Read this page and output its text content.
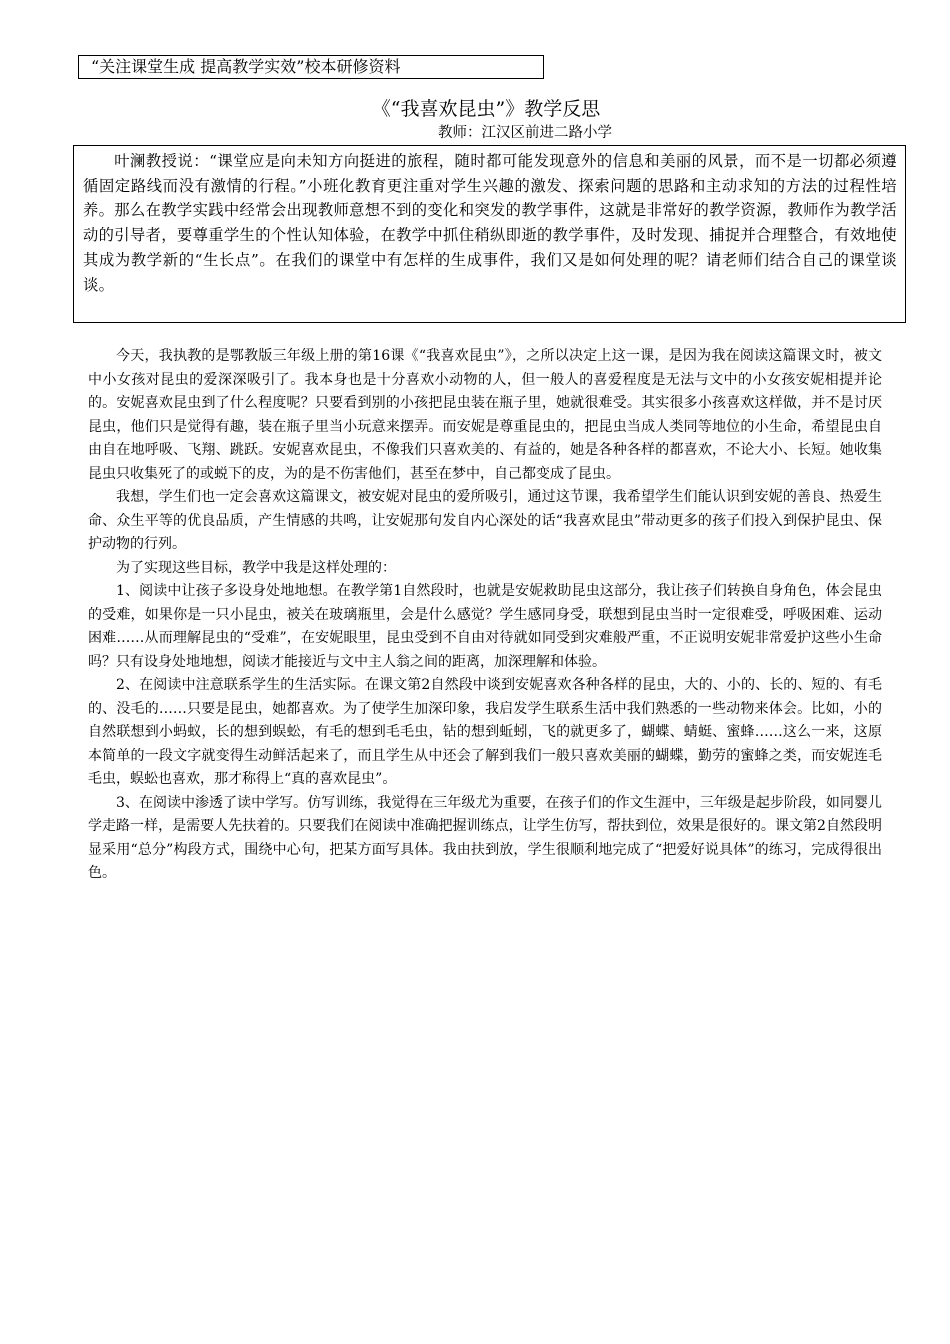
“关注课堂生成 提高教学实效”校本研修资料
《“我喜欢昆虫”》教学反思
教师：江汉区前进二路小学
叶澜教授说：“课堂应是向未知方向挺进的旅程，随时都可能发现意外的信息和美丽的风景，而不是一切都必须遵循固定路线而没有激情的行程。”小班化教育更注重对学生兴趣的激发、探索问题的思路和主动求知的方法的过程性培养。那么在教学实践中经常会出现教师意想不到的变化和突发的教学事件，这就是非常好的教学资源，教师作为教学活动的引导者，要尊重学生的个性认知体验，在教学中抓住稍纵即逝的教学事件，及时发现、捕捉并合理整合，有效地使其成为教学新的“生长点”。在我们的课堂中有怎样的生成事件，我们又是如何处理的呢？请老师们结合自己的课堂谈谈。

今天，我执教的是鄂教版三年级上册的第16课《“我喜欢昆虫”》，之所以决定上这一课，是因为我在阅读这篇课文时，被文中小女孩对昆虫的爱深深吸引了。我本身也是十分喜欢小动物的人，但一般人的喜爱程度是无法与文中的小女孩安妮相提并论的。安妮喜欢昆虫到了什么程度呢？只要看到别的小孩把昆虫装在瓶子里，她就很难受。其实很多小孩喜欢这样做，并不是讨厌昆虫，他们只是觉得有趣，装在瓶子里当小玩意来摆弄。而安妮是尊重昆虫的，把昆虫当成人类同等地位的小生命，希望昆虫自由自在地呼吸、飞翔、跳跃。安妮喜欢昆虫，不像我们只喜欢美的、有益的，她是各种各样的都喜欢，不论大小、长短。她收集昆虫只收集死了的或蜕下的皮，为的是不伤害他们，甚至在梦中，自己都变成了昆虫。

我想，学生们也一定会喜欢这篇课文，被安妮对昆虫的爱所吸引，通过这节课，我希望学生们能认识到安妮的善良、热爱生命、众生平等的优良品质，产生情感的共鸣，让安妮那句发自内心深处的话“我喜欢昆虫”带动更多的孩子们投入到保护昆虫、保护动物的行列。

为了实现这些目标，教学中我是这样处理的：

1、阅读中让孩子多设身处地地想。在教学第1自然段时，也就是安妮救助昆虫这部分，我让孩子们转换自身角色，体会昆虫的受难，如果你是一只小昆虫，被关在玻璃瓶里，会是什么感觉？学生感同身受，联想到昆虫当时一定很难受，呼吸困难、运动困难……从而理解昆虫的“受难”，在安妮眼里，昆虫受到不自由对待就如同受到灾难般严重，不正说明安妮非常爱护这些小生命吗？只有设身处地地想，阅读才能接近与文中主人翁之间的距离，加深理解和体验。

2、在阅读中注意联系学生的生活实际。在课文第2自然段中谈到安妮喜欢各种各样的昆虫，大的、小的、长的、短的、有毛的、没毛的……只要是昆虫，她都喜欢。为了使学生加深印象，我启发学生联系生活中我们熟悉的一些动物来体会。比如，小的自然联想到小蚂蚁，长的想到蜈蚣，有毛的想到毛毛虫，钻的想到蚯蚓，飞的就更多了，蝴蝶、蜻蜓、蜜蜂……这么一来，这原本简单的一段文字就变得生动鲜活起来了，而且学生从中还会了解到我们一般只喜欢美丽的蝴蝶，勤劳的蜜蜂之类，而安妮连毛毛虫，蜈蚣也喜欢，那才称得上“真的喜欢昆虫”。

3、在阅读中渗透了读中学写。仿写训练，我觉得在三年级尤为重要，在孩子们的作文生涯中，三年级是起步阶段，如同婴儿学走路一样，是需要人先扶着的。只要我们在阅读中准确把握训练点，让学生仿写，帮扶到位，效果是很好的。课文第2自然段明显采用“总分”构段方式，围绕中心句，把某方面写具体。我由扶到放，学生很顺利地完成了“把爱好说具体”的练习，完成得很出色。
